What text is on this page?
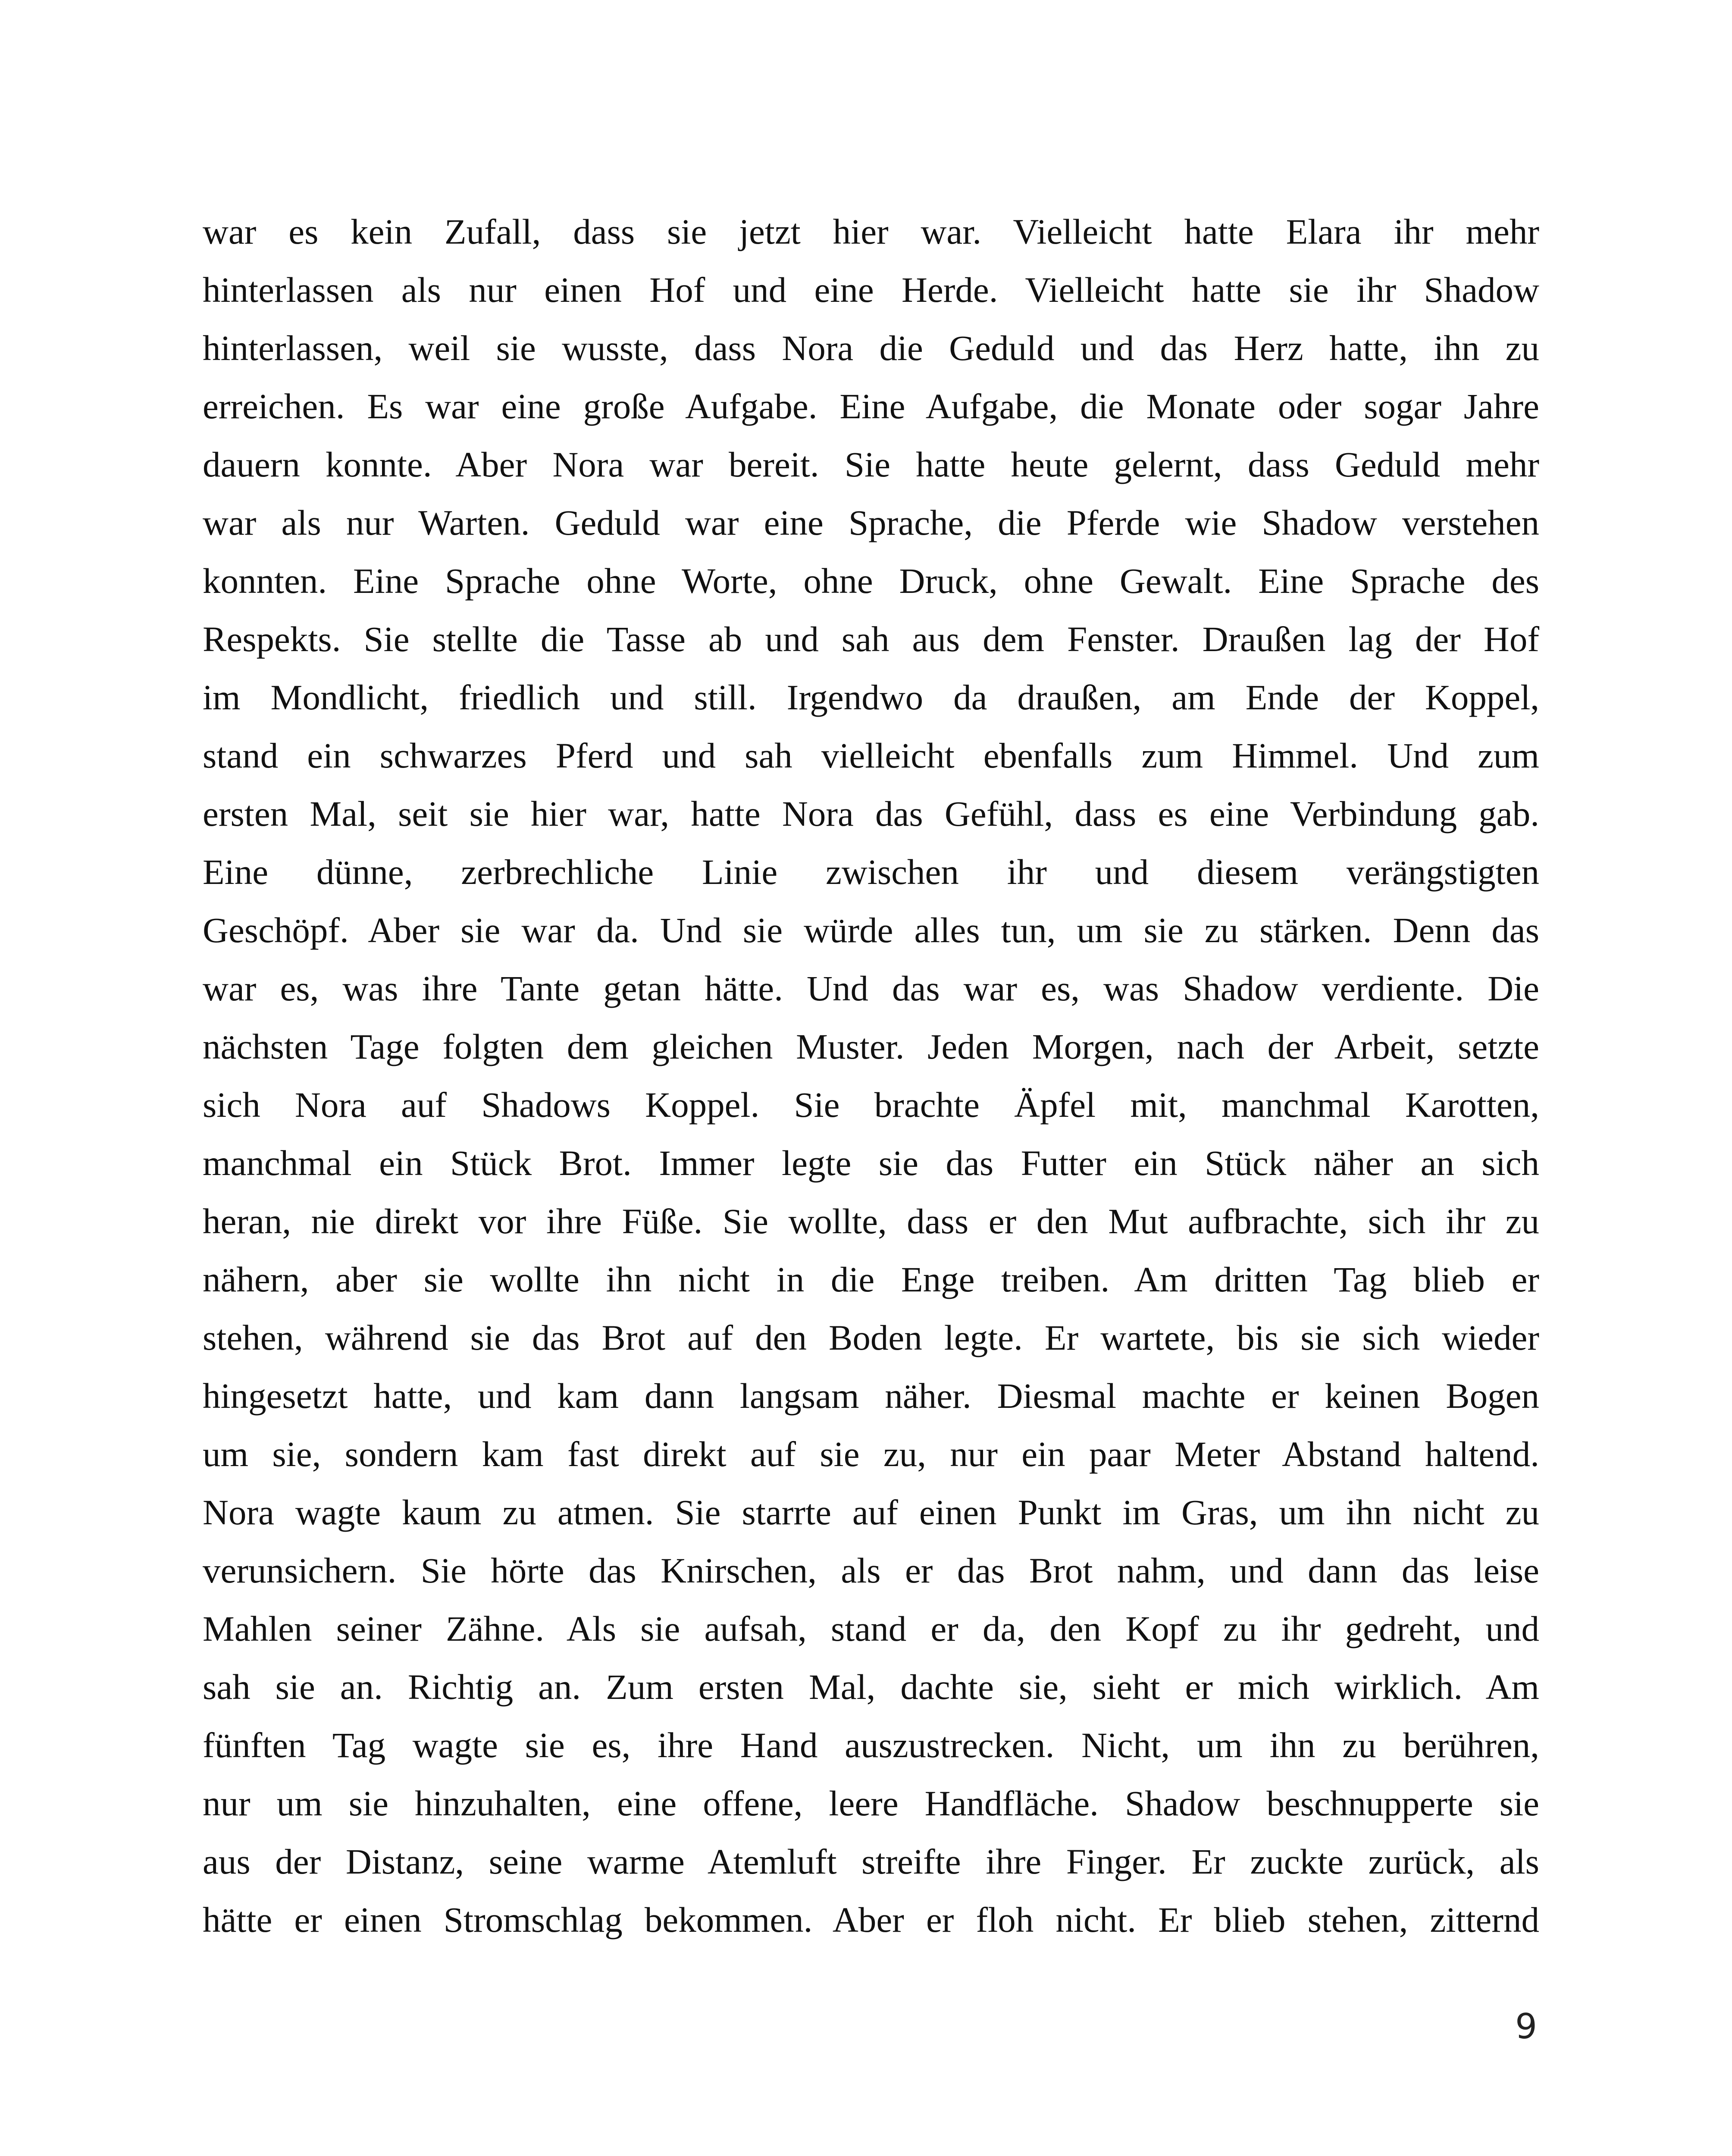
war es kein Zufall, dass sie jetzt hier war. Vielleicht hatte Elara ihr mehr
hinterlassen als nur einen Hof und eine Herde. Vielleicht hatte sie ihr Shadow
hinterlassen, weil sie wusste, dass Nora die Geduld und das Herz hatte, ihn zu
erreichen. Es war eine große Aufgabe. Eine Aufgabe, die Monate oder sogar Jahre
dauern konnte. Aber Nora war bereit. Sie hatte heute gelernt, dass Geduld mehr
war als nur Warten. Geduld war eine Sprache, die Pferde wie Shadow verstehen
konnten. Eine Sprache ohne Worte, ohne Druck, ohne Gewalt. Eine Sprache des
Respekts. Sie stellte die Tasse ab und sah aus dem Fenster. Draußen lag der Hof
im Mondlicht, friedlich und still. Irgendwo da draußen, am Ende der Koppel,
stand ein schwarzes Pferd und sah vielleicht ebenfalls zum Himmel. Und zum
ersten Mal, seit sie hier war, hatte Nora das Gefühl, dass es eine Verbindung gab.
Eine dünne, zerbrechliche Linie zwischen ihr und diesem verängstigten
Geschöpf. Aber sie war da. Und sie würde alles tun, um sie zu stärken. Denn das
war es, was ihre Tante getan hätte. Und das war es, was Shadow verdiente. Die
nächsten Tage folgten dem gleichen Muster. Jeden Morgen, nach der Arbeit, setzte
sich Nora auf Shadows Koppel. Sie brachte Äpfel mit, manchmal Karotten,
manchmal ein Stück Brot. Immer legte sie das Futter ein Stück näher an sich
heran, nie direkt vor ihre Füße. Sie wollte, dass er den Mut aufbrachte, sich ihr zu
nähern, aber sie wollte ihn nicht in die Enge treiben. Am dritten Tag blieb er
stehen, während sie das Brot auf den Boden legte. Er wartete, bis sie sich wieder
hingesetzt hatte, und kam dann langsam näher. Diesmal machte er keinen Bogen
um sie, sondern kam fast direkt auf sie zu, nur ein paar Meter Abstand haltend.
Nora wagte kaum zu atmen. Sie starrte auf einen Punkt im Gras, um ihn nicht zu
verunsichern. Sie hörte das Knirschen, als er das Brot nahm, und dann das leise
Mahlen seiner Zähne. Als sie aufsah, stand er da, den Kopf zu ihr gedreht, und
sah sie an. Richtig an. Zum ersten Mal, dachte sie, sieht er mich wirklich. Am
fünften Tag wagte sie es, ihre Hand auszustrecken. Nicht, um ihn zu berühren,
nur um sie hinzuhalten, eine offene, leere Handfläche. Shadow beschnupperte sie
aus der Distanz, seine warme Atemluft streifte ihre Finger. Er zuckte zurück, als
hätte er einen Stromschlag bekommen. Aber er floh nicht. Er blieb stehen, zitternd
9
